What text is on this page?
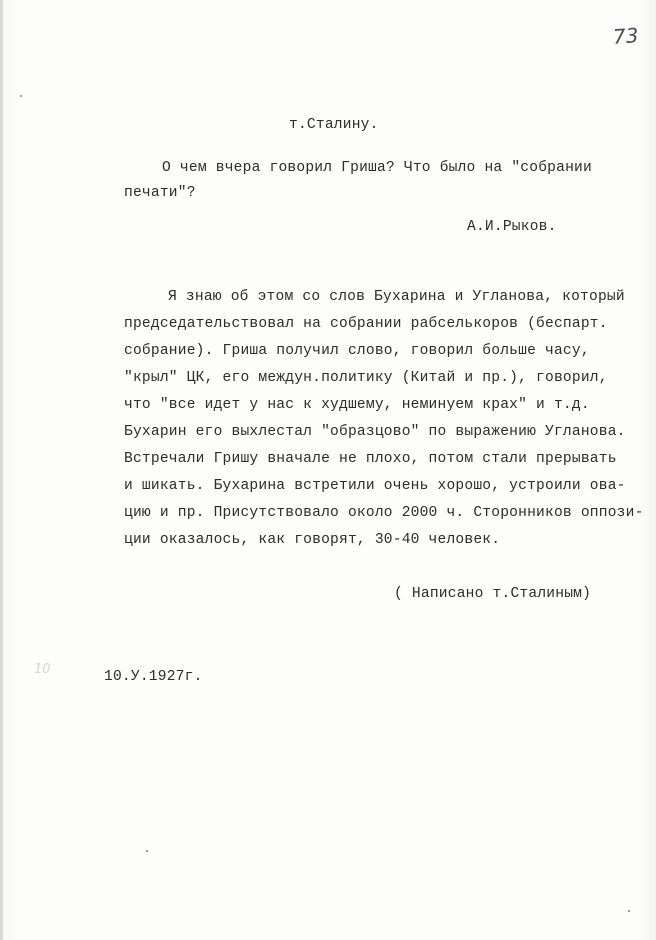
73
т.Сталину.
О чем вчера говорил Гриша? Что было на "собрании
печати"?
А.И.Рыков.
Я знаю об этом со слов Бухарина и Угланова, который
председательствовал на собрании рабселькоров (беспарт.
собрание). Гриша получил слово, говорил больше часу,
"крыл" ЦК, его междун.политику (Китай и пр.), говорил,
что "все идет у нас к худшему, неминуем крах" и т.д.
Бухарин его выхлестал "образцово" по выражению Угланова.
Встречали Гришу вначале не плохо, потом стали прерывать
и шикать. Бухарина встретили очень хорошо, устроили ова-
цию и пр. Присутствовало около 2000 ч. Сторонников оппози-
ции оказалось, как говорят, 30-40 человек.
( Написано т.Сталиным)
10	10.У.1927г.
